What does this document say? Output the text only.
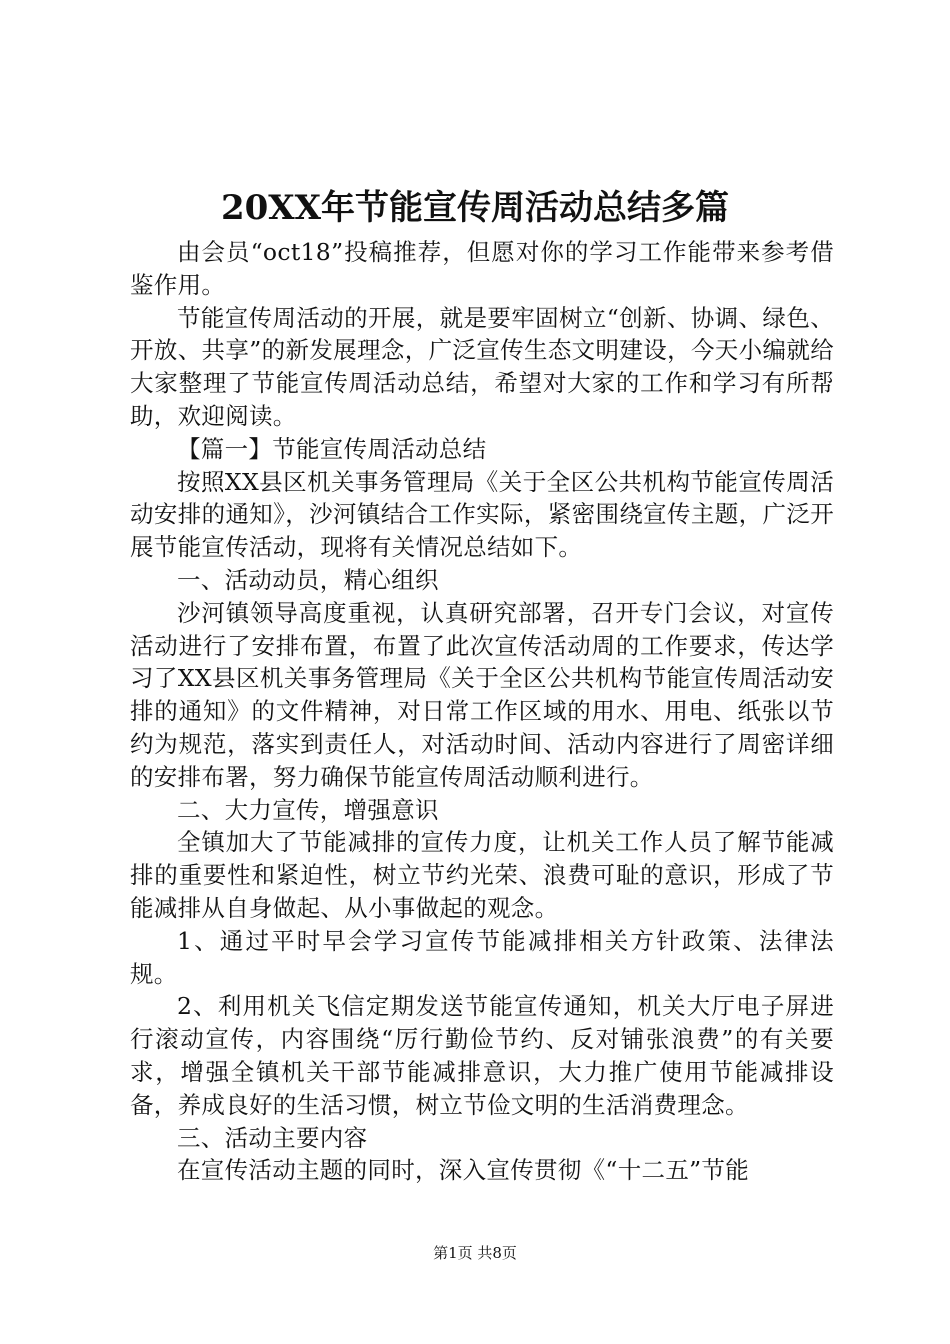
20XX年节能宣传周活动总结多篇

由会员“oct18”投稿推荐，但愿对你的学习工作能带来参考借鉴作用。

节能宣传周活动的开展，就是要牢固树立“创新、协调、绿色、开放、共享”的新发展理念，广泛宣传生态文明建设，今天小编就给大家整理了节能宣传周活动总结，希望对大家的工作和学习有所帮助，欢迎阅读。

【篇一】节能宣传周活动总结

按照XX县区机关事务管理局《关于全区公共机构节能宣传周活动安排的通知》，沙河镇结合工作实际，紧密围绕宣传主题，广泛开展节能宣传活动，现将有关情况总结如下。

一、活动动员，精心组织

沙河镇领导高度重视，认真研究部署，召开专门会议，对宣传活动进行了安排布置，布置了此次宣传活动周的工作要求，传达学习了XX县区机关事务管理局《关于全区公共机构节能宣传周活动安排的通知》的文件精神，对日常工作区域的用水、用电、纸张以节约为规范，落实到责任人，对活动时间、活动内容进行了周密详细的安排布署，努力确保节能宣传周活动顺利进行。

二、大力宣传，增强意识

全镇加大了节能减排的宣传力度，让机关工作人员了解节能减排的重要性和紧迫性，树立节约光荣、浪费可耻的意识，形成了节能减排从自身做起、从小事做起的观念。

1、通过平时早会学习宣传节能减排相关方针政策、法律法规。

2、利用机关飞信定期发送节能宣传通知，机关大厅电子屏进行滚动宣传，内容围绕“厉行勤俭节约、反对铺张浪费”的有关要求，增强全镇机关干部节能减排意识，大力推广使用节能减排设备，养成良好的生活习惯，树立节俭文明的生活消费理念。

三、活动主要内容

在宣传活动主题的同时，深入宣传贯彻《“十二五”节能

第1页 共8页
